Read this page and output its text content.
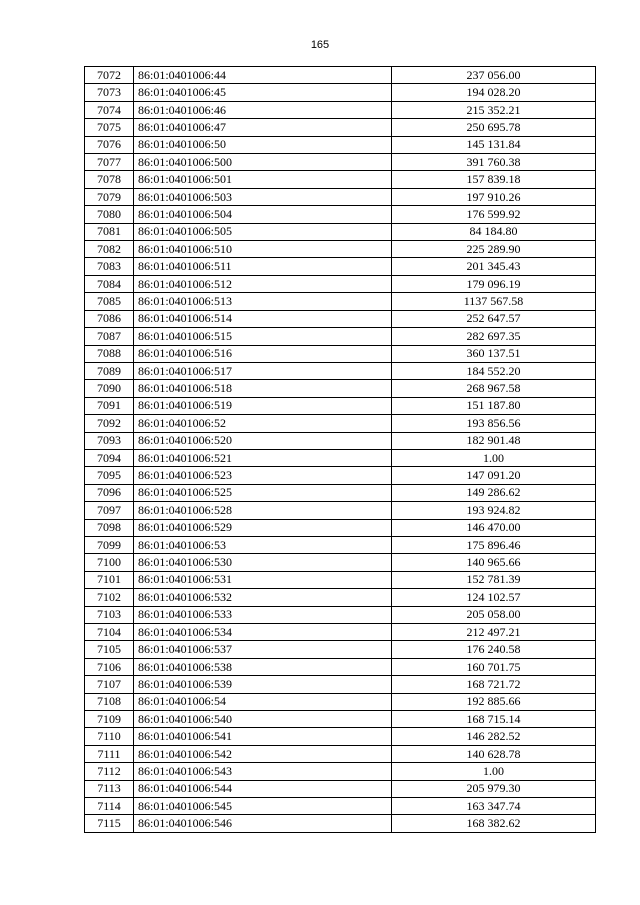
165
7072	86:01:0401006:44	237 056.00
7073	86:01:0401006:45	194 028.20
7074	86:01:0401006:46	215 352.21
7075	86:01:0401006:47	250 695.78
7076	86:01:0401006:50	145 131.84
7077	86:01:0401006:500	391 760.38
7078	86:01:0401006:501	157 839.18
7079	86:01:0401006:503	197 910.26
7080	86:01:0401006:504	176 599.92
7081	86:01:0401006:505	84 184.80
7082	86:01:0401006:510	225 289.90
7083	86:01:0401006:511	201 345.43
7084	86:01:0401006:512	179 096.19
7085	86:01:0401006:513	1137 567.58
7086	86:01:0401006:514	252 647.57
7087	86:01:0401006:515	282 697.35
7088	86:01:0401006:516	360 137.51
7089	86:01:0401006:517	184 552.20
7090	86:01:0401006:518	268 967.58
7091	86:01:0401006:519	151 187.80
7092	86:01:0401006:52	193 856.56
7093	86:01:0401006:520	182 901.48
7094	86:01:0401006:521	1.00
7095	86:01:0401006:523	147 091.20
7096	86:01:0401006:525	149 286.62
7097	86:01:0401006:528	193 924.82
7098	86:01:0401006:529	146 470.00
7099	86:01:0401006:53	175 896.46
7100	86:01:0401006:530	140 965.66
7101	86:01:0401006:531	152 781.39
7102	86:01:0401006:532	124 102.57
7103	86:01:0401006:533	205 058.00
7104	86:01:0401006:534	212 497.21
7105	86:01:0401006:537	176 240.58
7106	86:01:0401006:538	160 701.75
7107	86:01:0401006:539	168 721.72
7108	86:01:0401006:54	192 885.66
7109	86:01:0401006:540	168 715.14
7110	86:01:0401006:541	146 282.52
7111	86:01:0401006:542	140 628.78
7112	86:01:0401006:543	1.00
7113	86:01:0401006:544	205 979.30
7114	86:01:0401006:545	163 347.74
7115	86:01:0401006:546	168 382.62
